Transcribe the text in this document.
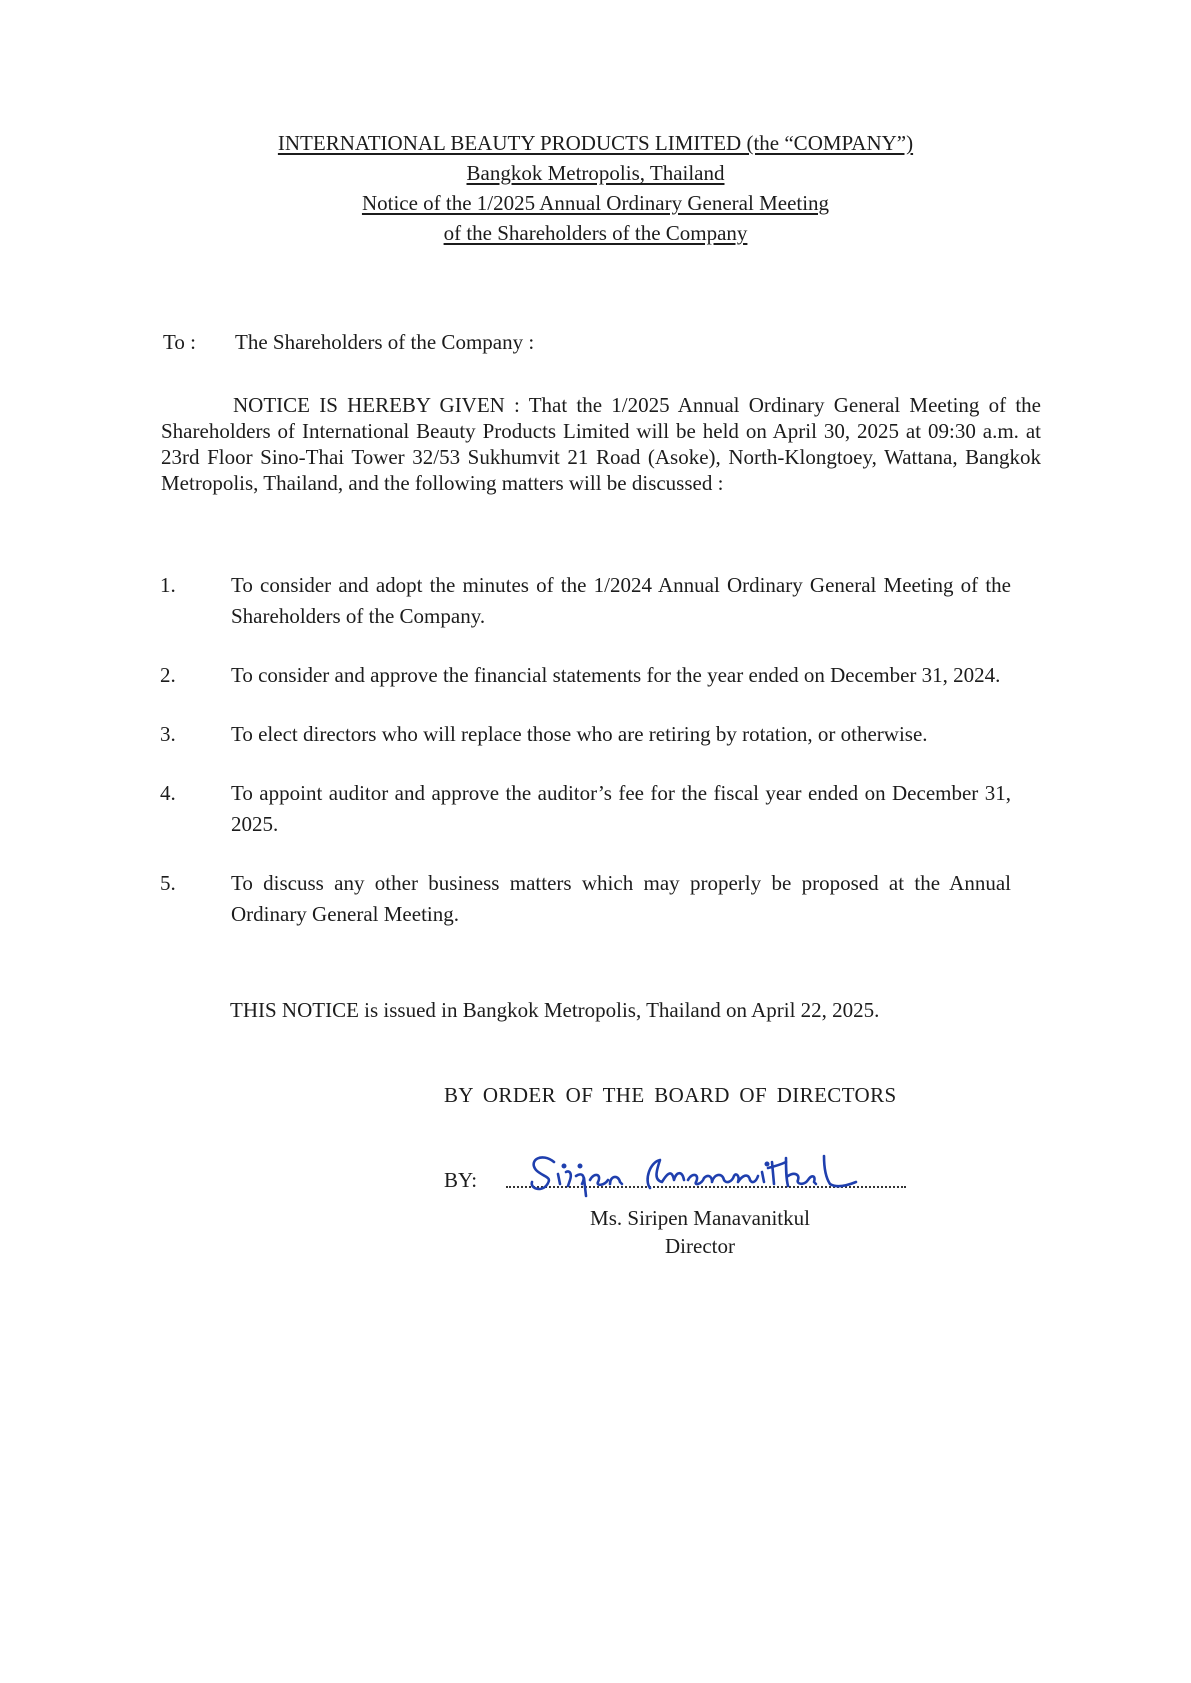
INTERNATIONAL BEAUTY PRODUCTS LIMITED (the “COMPANY”)
Bangkok Metropolis, Thailand
Notice of the 1/2025 Annual Ordinary General Meeting
of the Shareholders of the Company
To : The Shareholders of the Company :
NOTICE IS HEREBY GIVEN : That the 1/2025 Annual Ordinary General Meeting of the Shareholders of International Beauty Products Limited will be held on April 30, 2025 at 09:30 a.m. at 23rd Floor Sino-Thai Tower 32/53 Sukhumvit 21 Road (Asoke), North-Klongtoey, Wattana, Bangkok Metropolis, Thailand, and the following matters will be discussed :
1.	To consider and adopt the minutes of the 1/2024 Annual Ordinary General Meeting of the Shareholders of the Company.
2.	To consider and approve the financial statements for the year ended on December 31, 2024.
3.	To elect directors who will replace those who are retiring by rotation, or otherwise.
4.	To appoint auditor and approve the auditor’s fee for the fiscal year ended on December 31, 2025.
5.	To discuss any other business matters which may properly be proposed at the Annual Ordinary General Meeting.
THIS NOTICE is issued in Bangkok Metropolis, Thailand on April 22, 2025.
BY ORDER OF THE BOARD OF DIRECTORS
BY:
Ms. Siripen Manavanitkul
Director
